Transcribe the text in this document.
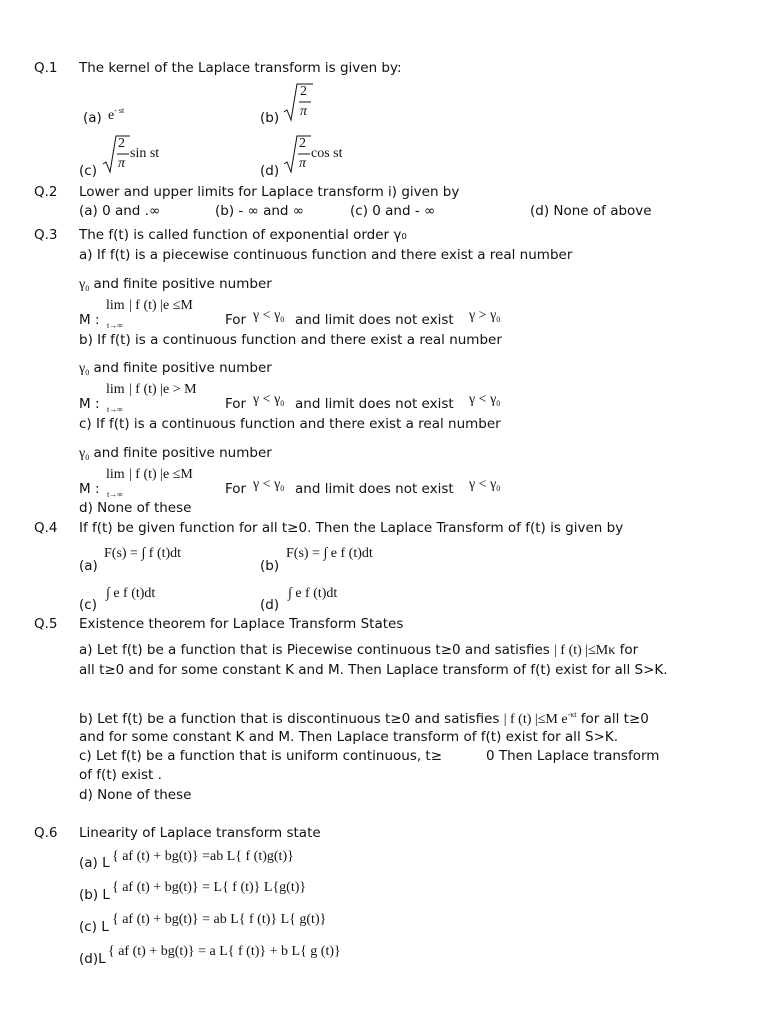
Q.1 The kernel of the Laplace transform is given by:
(a) $e^{- st}$	(b)
2
π
(c)
2
π
sin st
(d)
2
π
cos st
Q.2 Lower and upper limits for Laplace transform i) given by
(a) 0 and .∞	(b) - ∞ and ∞	(c) 0 and - ∞	(d) None of above
Q.3 The f(t) is called function of exponential order γ₀
a) If f(t) is a piecewise continuous function and there exist a real number
$\gamma_0$ and finite positive number
M :
lim
$_{t\to\infty}$
| f (t) |e ≤M
For $\gamma < \gamma_0$ and limit does not exist $\gamma > \gamma_0$
b) If f(t) is a continuous function and there exist a real number
$\gamma_0$ and finite positive number
M :
lim
$_{t\to\infty}$
| f (t) |e > M
For $\gamma < \gamma_0$ and limit does not exist $\gamma < \gamma_0$
c) If f(t) is a continuous function and there exist a real number
$\gamma_0$ and finite positive number
M :
lim
$_{t\to\infty}$
| f (t) |e ≤M
For $\gamma < \gamma_0$ and limit does not exist $\gamma < \gamma_0$
d) None of these
Q.4 If f(t) be given function for all t≥0. Then the Laplace Transform of f(t) is given by
(a)
F(s) = ∫ f (t)dt
(b)
F(s) = ∫ e f (t)dt
(c)
∫ e f (t)dt
(d)
∫ e f (t)dt
Q.5 Existence theorem for Laplace Transform States
a) Let f(t) be a function that is Piecewise continuous t≥0 and satisfies | f (t) |≤Mκ for
all t≥0 and for some constant K and M. Then Laplace transform of f(t) exist for all S>K.
b) Let f(t) be a function that is discontinuous t≥0 and satisfies | f (t) |≤M $e^{-\kappa t}$ for all t≥0
and for some constant K and M. Then Laplace transform of f(t) exist for all S>K.
c) Let f(t) be a function that is uniform continuous, t≥	0 Then Laplace transform
of f(t) exist .
d) None of these
Q.6 Linearity of Laplace transform state
(a) L { af (t) + bg(t)} =ab L{ f (t)g(t)}
(b) L { af (t) + bg(t)} = L{ f (t)} L{g(t)}
(c) L { af (t) + bg(t)} = ab L{ f (t)} L{ g(t)}
(d)L { af (t) + bg(t)} = a L{ f (t)} + b L{ g (t)}
